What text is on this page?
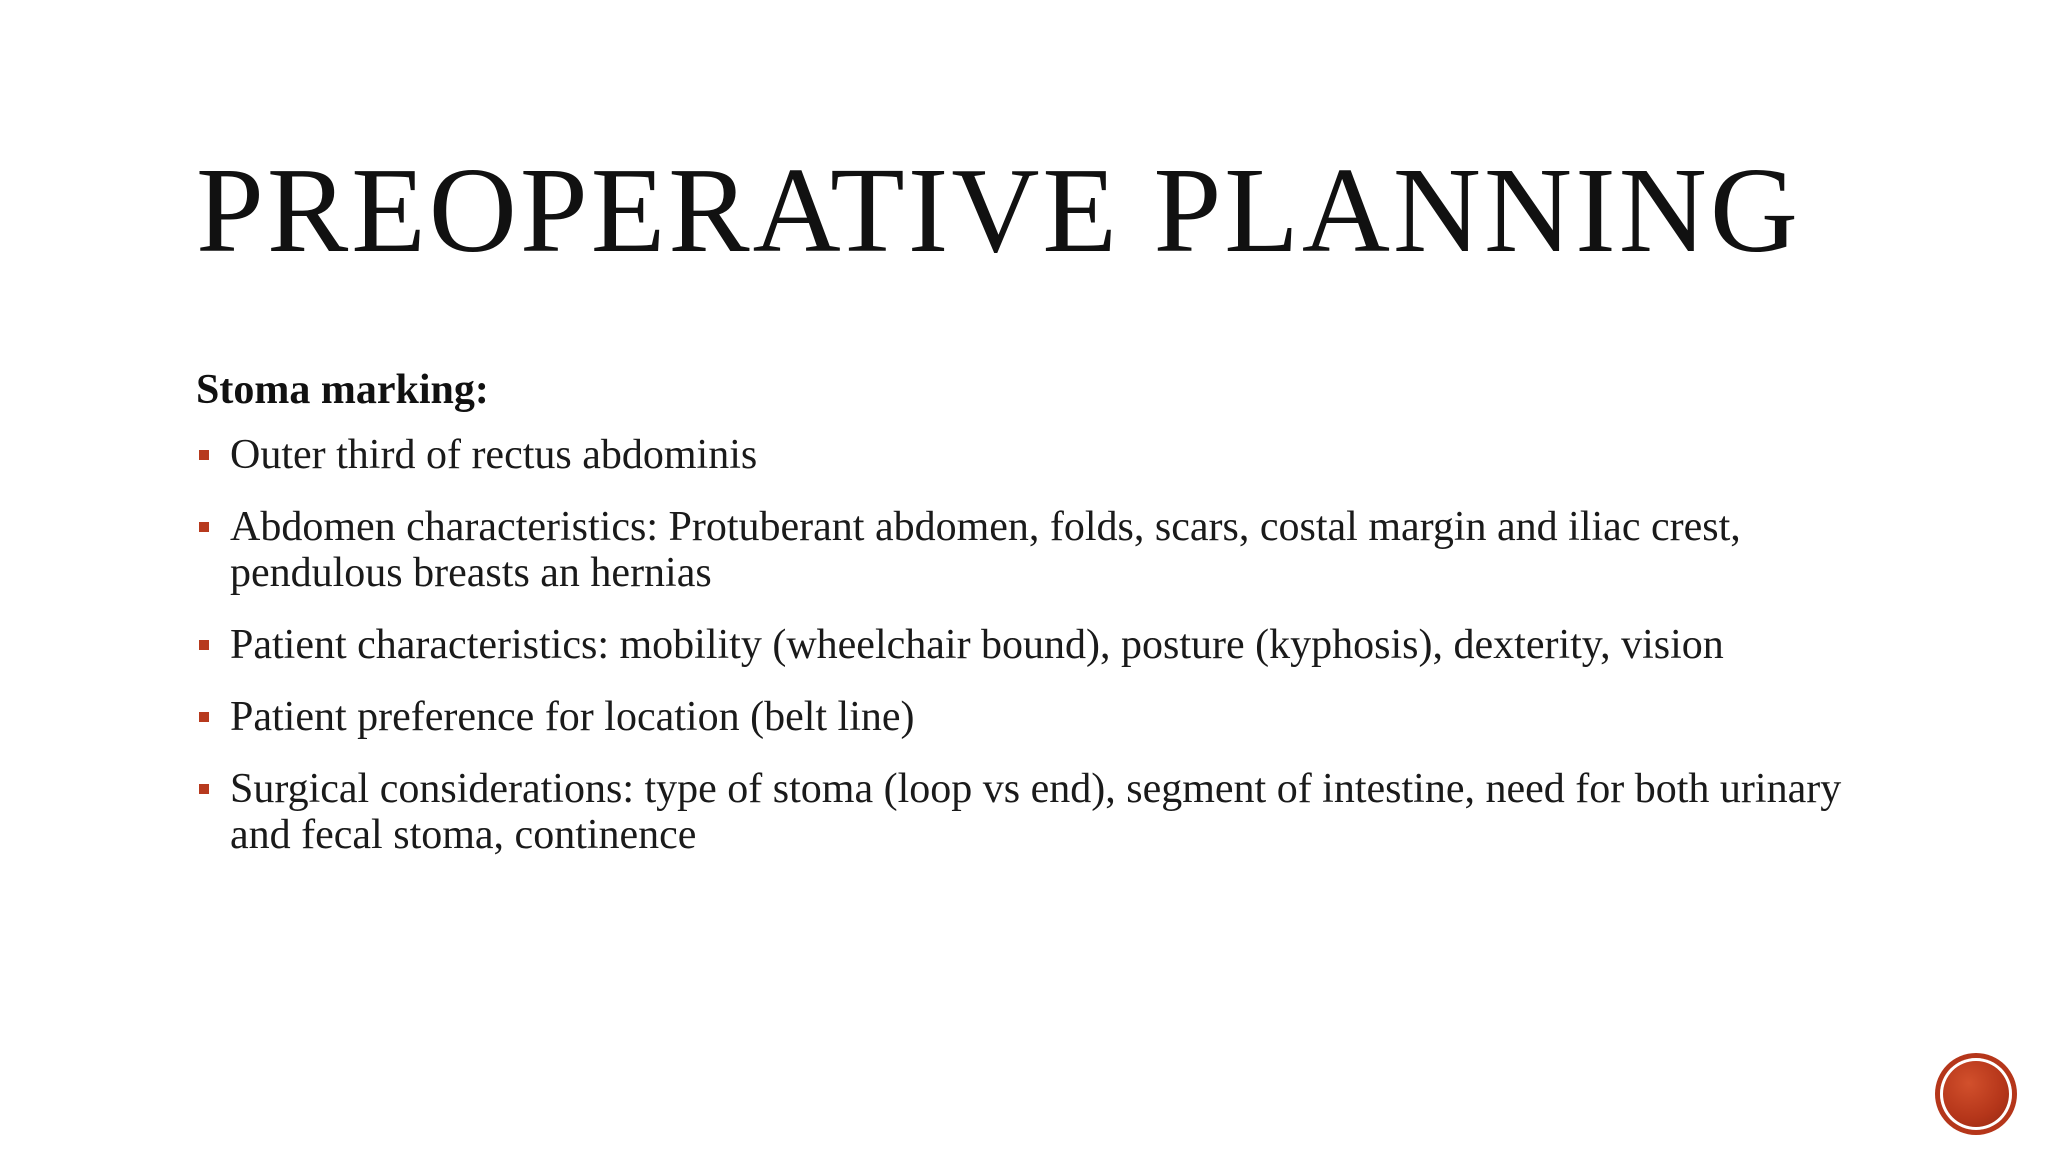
PREOPERATIVE PLANNING
Stoma marking:
Outer third of rectus abdominis
Abdomen characteristics: Protuberant abdomen, folds, scars, costal margin and iliac crest, pendulous breasts an hernias
Patient characteristics: mobility (wheelchair bound), posture (kyphosis), dexterity, vision
Patient preference for location (belt line)
Surgical considerations: type of stoma (loop vs end), segment of intestine, need for both urinary and fecal stoma, continence
